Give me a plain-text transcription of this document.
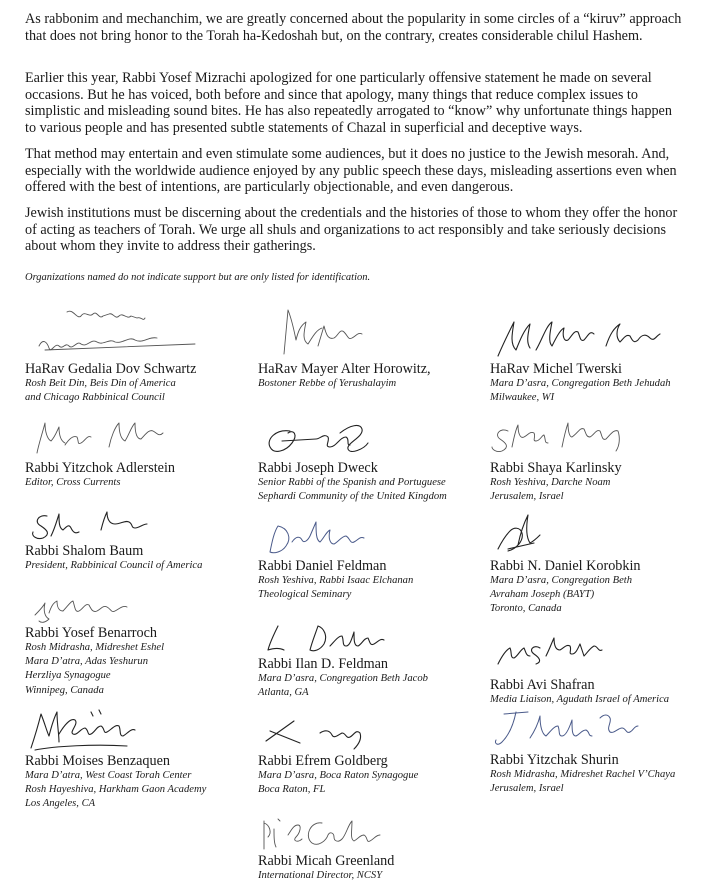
As rabbonim and mechanchim, we are greatly concerned about the popularity in some circles of a “kiruv” approach that does not bring honor to the Torah ha-Kedoshah but, on the contrary, creates considerable chilul Hashem.

Earlier this year, Rabbi Yosef Mizrachi apologized for one particularly offensive statement he made on several occasions. But he has voiced, both before and since that apology, many things that reduce complex issues to simplistic and misleading sound bites. He has also repeatedly arrogated to “know” why unfortunate things happen to various people and has presented subtle statements of Chazal in superficial and deceptive ways.

That method may entertain and even stimulate some audiences, but it does no justice to the Jewish mesorah. And, especially with the worldwide audience enjoyed by any public speech these days, misleading assertions even when offered with the best of intentions, are particularly objectionable, and even dangerous.

Jewish institutions must be discerning about the credentials and the histories of those to whom they offer the honor of acting as teachers of Torah. We urge all shuls and organizations to act responsibly and take seriously decisions about whom they invite to address their gatherings.

Organizations named do not indicate support but are only listed for identification.
HaRav Gedalia Dov Schwartz
Rosh Beit Din, Beis Din of America
and Chicago Rabbinical Council
HaRav Mayer Alter Horowitz,
Bostoner Rebbe of Yerushalayim
HaRav Michel Twerski
Mara D’asra, Congregation Beth Jehudah
Milwaukee, WI
Rabbi Yitzchok Adlerstein
Editor, Cross Currents
Rabbi Joseph Dweck
Senior Rabbi of the Spanish and Portuguese
Sephardi Community of the United Kingdom
Rabbi Shaya Karlinsky
Rosh Yeshiva, Darche Noam
Jerusalem, Israel
Rabbi Shalom Baum
President, Rabbinical Council of America	Rabbi Daniel Feldman
Rosh Yeshiva, Rabbi Isaac Elchanan
Theological Seminary
Rabbi N. Daniel Korobkin
Mara D’asra, Congregation Beth
Avraham Joseph (BAYT)
Toronto, Canada
Rabbi Yosef Benarroch
Rosh Midrasha, Midreshet Eshel
Mara D’atra, Adas Yeshurun
Herzliya Synagogue
Winnipeg, Canada
Rabbi Ilan D. Feldman
Mara D’asra, Congregation Beth Jacob
Atlanta, GA	Rabbi Avi Shafran
Media Liaison, Agudath Israel of America
Rabbi Moises Benzaquen
Mara D’atra, West Coast Torah Center
Rosh Hayeshiva, Harkham Gaon Academy
Los Angeles, CA
Rabbi Efrem Goldberg
Mara D’asra, Boca Raton Synagogue
Boca Raton, FL
Rabbi Yitzchak Shurin
Rosh Midrasha, Midreshet Rachel V’Chaya
Jerusalem, Israel
Rabbi Micah Greenland
International Director, NCSY
